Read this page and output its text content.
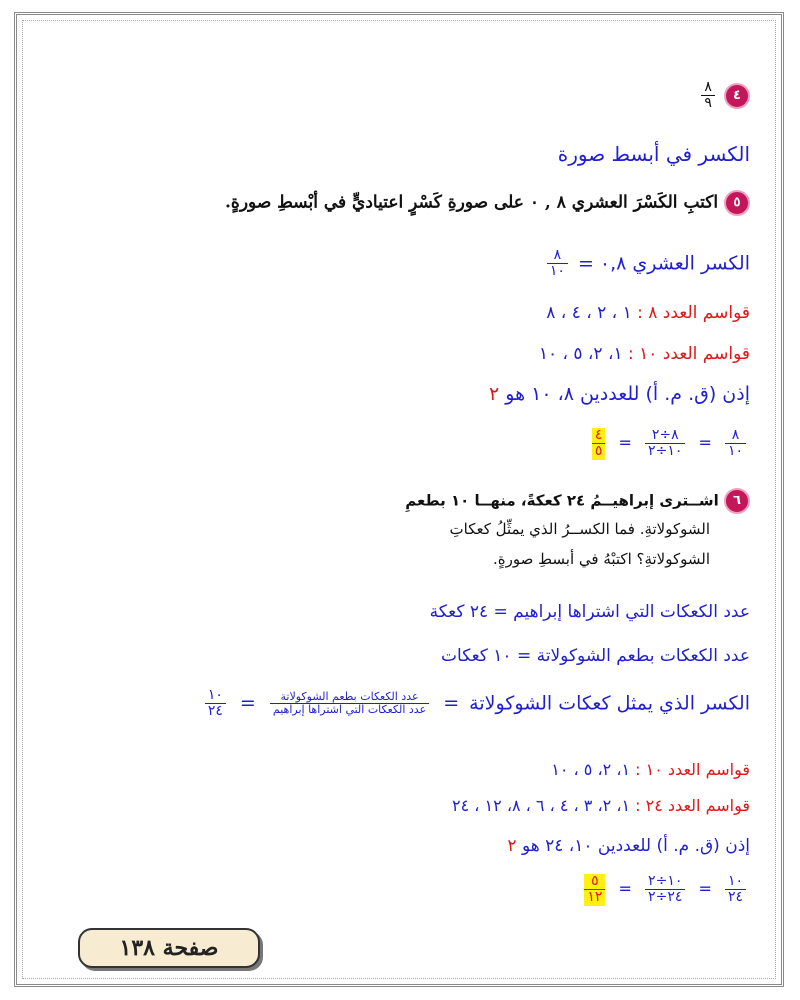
٤
$\frac{٨}{٩}$
الكسر في أبسط صورة
٥ اكتبِ الكَسْرَ العشري ٨ , ٠ على صورةِ كَسْرٍ اعتياديٍّ في أبْسطِ صورةٍ.
الكسر العشري ٠,٨ =
$\frac{٨}{١٠}$
قواسم العدد ٨ : ١ ، ٢ ، ٤ ، ٨
قواسم العدد ١٠ : ١، ٢، ٥ ، ١٠
إذن (ق. م. أ) للعددين ٨، ١٠ هو ٢
$\frac{٨}{١٠}$
=
$\frac{٨\div ٢}{١٠\div ٢}$
=
$\frac{٤}{٥}$
٦ اشــترى إبراهيــمُ ٢٤ كعكةً، منهــا ١٠ بطعمِ
الشوكولاتةِ. فما الكســرُ الذي يمثِّلُ كعكاتِ
الشوكولاتةِ؟ اكتبْهُ في أبسطِ صورةٍ.
عدد الكعكات التي اشتراها إبراهيم = ٢٤ كعكة
عدد الكعكات بطعم الشوكولاتة = ١٠ كعكات
الكسر الذي يمثل كعكات الشوكولاتة =
$\frac{\text{عدد الكعكات بطعم الشوكولاتة}}{\text{عدد الكعكات التي اشتراها إبراهيم}}$
=
$\frac{١٠}{٢٤}$
قواسم العدد ١٠ : ١، ٢، ٥ ، ١٠
قواسم العدد ٢٤ : ١، ٢، ٣ ، ٤ ، ٦ ، ٨، ١٢ ، ٢٤
إذن (ق. م. أ) للعددين ١٠، ٢٤ هو ٢
$\frac{١٠}{٢٤}$
=
$\frac{١٠\div ٢}{٢٤\div ٢}$
=
$\frac{٥}{١٢}$
صفحة ١٣٨
